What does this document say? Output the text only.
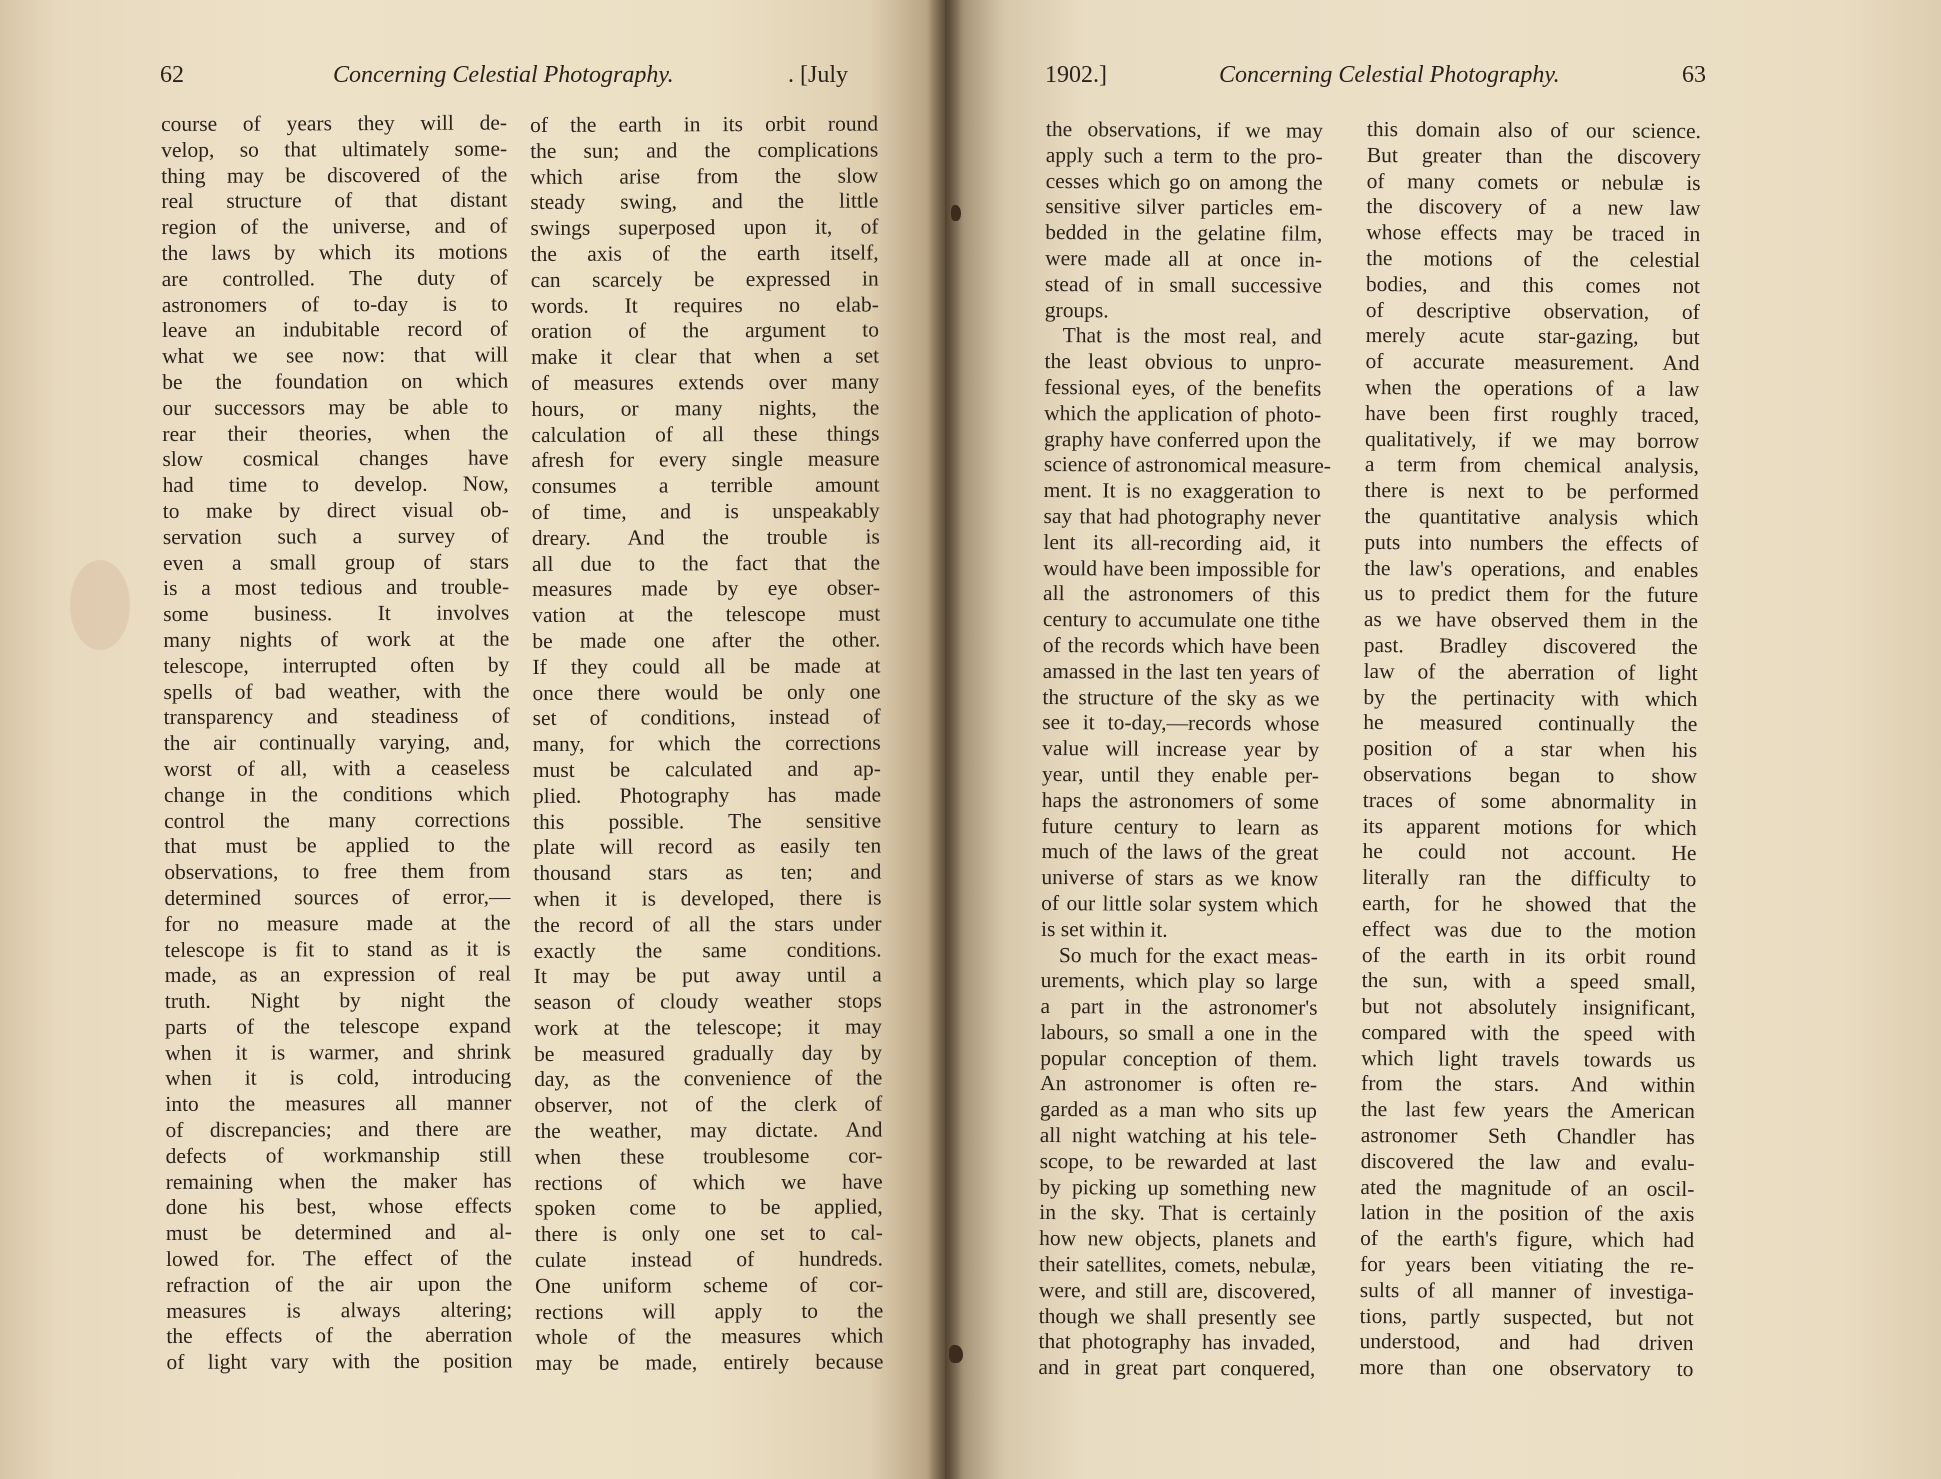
62	Concerning Celestial Photography.	. [July
course of years they will de-
velop, so that ultimately some-
thing may be discovered of the
real structure of that distant
region of the universe, and of
the laws by which its motions
are controlled. The duty of
astronomers of to-day is to
leave an indubitable record of
what we see now: that will
be the foundation on which
our successors may be able to
rear their theories, when the
slow cosmical changes have
had time to develop. Now,
to make by direct visual ob-
servation such a survey of
even a small group of stars
is a most tedious and trouble-
some business. It involves
many nights of work at the
telescope, interrupted often by
spells of bad weather, with the
transparency and steadiness of
the air continually varying, and,
worst of all, with a ceaseless
change in the conditions which
control the many corrections
that must be applied to the
observations, to free them from
determined sources of error,—
for no measure made at the
telescope is fit to stand as it is
made, as an expression of real
truth. Night by night the
parts of the telescope expand
when it is warmer, and shrink
when it is cold, introducing
into the measures all manner
of discrepancies; and there are
defects of workmanship still
remaining when the maker has
done his best, whose effects
must be determined and al-
lowed for. The effect of the
refraction of the air upon the
measures is always altering;
the effects of the aberration
of light vary with the position
of the earth in its orbit round
the sun; and the complications
which arise from the slow
steady swing, and the little
swings superposed upon it, of
the axis of the earth itself,
can scarcely be expressed in
words. It requires no elab-
oration of the argument to
make it clear that when a set
of measures extends over many
hours, or many nights, the
calculation of all these things
afresh for every single measure
consumes a terrible amount
of time, and is unspeakably
dreary. And the trouble is
all due to the fact that the
measures made by eye obser-
vation at the telescope must
be made one after the other.
If they could all be made at
once there would be only one
set of conditions, instead of
many, for which the corrections
must be calculated and ap-
plied. Photography has made
this possible. The sensitive
plate will record as easily ten
thousand stars as ten; and
when it is developed, there is
the record of all the stars under
exactly the same conditions.
It may be put away until a
season of cloudy weather stops
work at the telescope; it may
be measured gradually day by
day, as the convenience of the
observer, not of the clerk of
the weather, may dictate. And
when these troublesome cor-
rections of which we have
spoken come to be applied,
there is only one set to cal-
culate instead of hundreds.
One uniform scheme of cor-
rections will apply to the
whole of the measures which
may be made, entirely because
1902.]	Concerning Celestial Photography.	63
the observations, if we may
apply such a term to the pro-
cesses which go on among the
sensitive silver particles em-
bedded in the gelatine film,
were made all at once in-
stead of in small successive
groups.
That is the most real, and
the least obvious to unpro-
fessional eyes, of the benefits
which the application of photo-
graphy have conferred upon the
science of astronomical measure-
ment. It is no exaggeration to
say that had photography never
lent its all-recording aid, it
would have been impossible for
all the astronomers of this
century to accumulate one tithe
of the records which have been
amassed in the last ten years of
the structure of the sky as we
see it to-day,—records whose
value will increase year by
year, until they enable per-
haps the astronomers of some
future century to learn as
much of the laws of the great
universe of stars as we know
of our little solar system which
is set within it.
So much for the exact meas-
urements, which play so large
a part in the astronomer's
labours, so small a one in the
popular conception of them.
An astronomer is often re-
garded as a man who sits up
all night watching at his tele-
scope, to be rewarded at last
by picking up something new
in the sky. That is certainly
how new objects, planets and
their satellites, comets, nebulæ,
were, and still are, discovered,
though we shall presently see
that photography has invaded,
and in great part conquered,
this domain also of our science.
But greater than the discovery
of many comets or nebulæ is
the discovery of a new law
whose effects may be traced in
the motions of the celestial
bodies, and this comes not
of descriptive observation, of
merely acute star-gazing, but
of accurate measurement. And
when the operations of a law
have been first roughly traced,
qualitatively, if we may borrow
a term from chemical analysis,
there is next to be performed
the quantitative analysis which
puts into numbers the effects of
the law's operations, and enables
us to predict them for the future
as we have observed them in the
past. Bradley discovered the
law of the aberration of light
by the pertinacity with which
he measured continually the
position of a star when his
observations began to show
traces of some abnormality in
its apparent motions for which
he could not account. He
literally ran the difficulty to
earth, for he showed that the
effect was due to the motion
of the earth in its orbit round
the sun, with a speed small,
but not absolutely insignificant,
compared with the speed with
which light travels towards us
from the stars. And within
the last few years the American
astronomer Seth Chandler has
discovered the law and evalu-
ated the magnitude of an oscil-
lation in the position of the axis
of the earth's figure, which had
for years been vitiating the re-
sults of all manner of investiga-
tions, partly suspected, but not
understood, and had driven
more than one observatory to
